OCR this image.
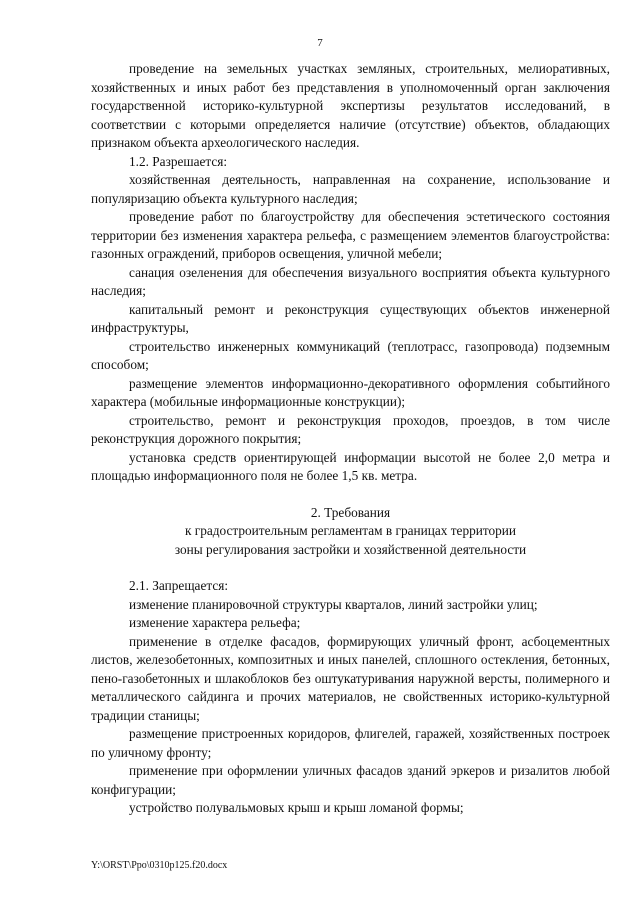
7

проведение на земельных участках земляных, строительных, мелиоративных, хозяйственных и иных работ без представления в уполномоченный орган заключения государственной историко-культурной экспертизы результатов исследований, в соответствии с которыми определяется наличие (отсутствие) объектов, обладающих признаком объекта археологического наследия.

1.2. Разрешается:

хозяйственная деятельность, направленная на сохранение, использование и популяризацию объекта культурного наследия;

проведение работ по благоустройству для обеспечения эстетического состояния территории без изменения характера рельефа, с размещением элементов благоустройства: газонных ограждений, приборов освещения, уличной мебели;

санация озеленения для обеспечения визуального восприятия объекта культурного наследия;

капитальный ремонт и реконструкция существующих объектов инженерной инфраструктуры,

строительство инженерных коммуникаций (теплотрасс, газопровода) подземным способом;

размещение элементов информационно-декоративного оформления событийного характера (мобильные информационные конструкции);

строительство, ремонт и реконструкция проходов, проездов, в том числе реконструкция дорожного покрытия;

установка средств ориентирующей информации высотой не более 2,0 метра и площадью информационного поля не более 1,5 кв. метра.

2. Требования

к градостроительным регламентам в границах территории

зоны регулирования застройки и хозяйственной деятельности

2.1. Запрещается:

изменение планировочной структуры кварталов, линий застройки улиц;

изменение характера рельефа;

применение в отделке фасадов, формирующих уличный фронт, асбоцементных листов, железобетонных, композитных и иных панелей, сплошного остекления, бетонных, пено-газобетонных и шлакоблоков без оштукатуривания наружной версты, полимерного и металлического сайдинга и прочих материалов, не свойственных историко-культурной традиции станицы;

размещение пристроенных коридоров, флигелей, гаражей, хозяйственных построек по уличному фронту;

применение при оформлении уличных фасадов зданий эркеров и ризалитов любой конфигурации;

устройство полувальмовых крыш и крыш ломаной формы;

Y:\ORST\Ppo\0310p125.f20.docx
